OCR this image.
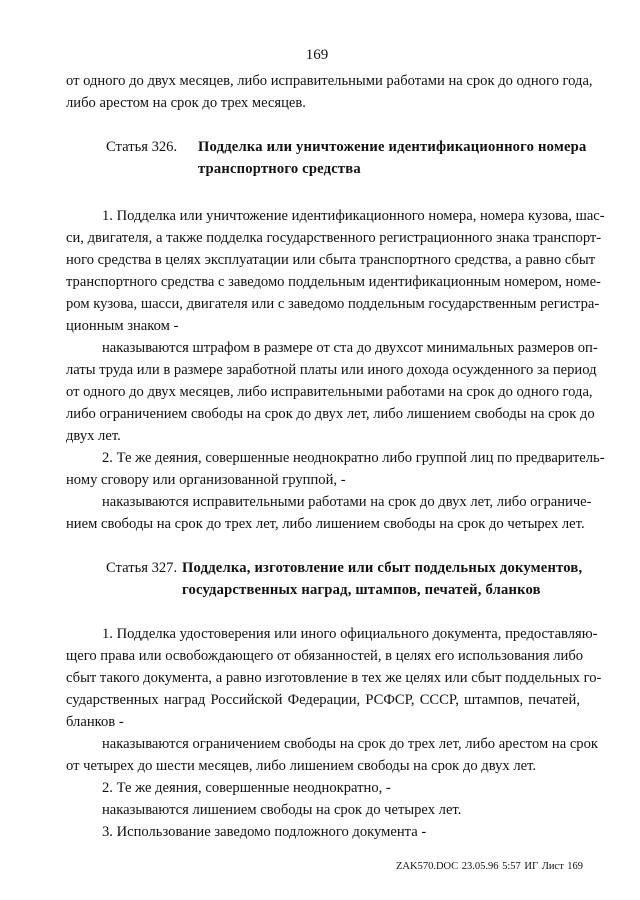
169
от одного до двух месяцев, либо исправительными работами на срок до одного года,
либо арестом на срок до трех месяцев.
Статья 326. Подделка или уничтожение идентификационного номера
транспортного средства
1. Подделка или уничтожение идентификационного номера, номера кузова, шас-
си, двигателя, а также подделка государственного регистрационного знака транспорт-
ного средства в целях эксплуатации или сбыта транспортного средства, а равно сбыт
транспортного средства с заведомо поддельным идентификационным номером, номе-
ром кузова, шасси, двигателя или с заведомо поддельным государственным регистра-
ционным знаком -
наказываются штрафом в размере от ста до двухсот минимальных размеров оп-
латы труда или в размере заработной платы или иного дохода осужденного за период
от одного до двух месяцев, либо исправительными работами на срок до одного года,
либо ограничением свободы на срок до двух лет, либо лишением свободы на срок до
двух лет.
2. Те же деяния, совершенные неоднократно либо группой лиц по предваритель-
ному сговору или организованной группой, -
наказываются исправительными работами на срок до двух лет, либо ограниче-
нием свободы на срок до трех лет, либо лишением свободы на срок до четырех лет.
Статья 327. Подделка, изготовление или сбыт поддельных документов,
государственных наград, штампов, печатей, бланков
1. Подделка удостоверения или иного официального документа, предоставляю-
щего права или освобождающего от обязанностей, в целях его использования либо
сбыт такого документа, а равно изготовление в тех же целях или сбыт поддельных го-
сударственных наград Российской Федерации, РСФСР, СССР, штампов, печатей,
бланков -
наказываются ограничением свободы на срок до трех лет, либо арестом на срок
от четырех до шести месяцев, либо лишением свободы на срок до двух лет.
2. Те же деяния, совершенные неоднократно, -
наказываются лишением свободы на срок до четырех лет.
3. Использование заведомо подложного документа -
ZAK570.DOC 23.05.96 5:57 ИГ Лист 169
